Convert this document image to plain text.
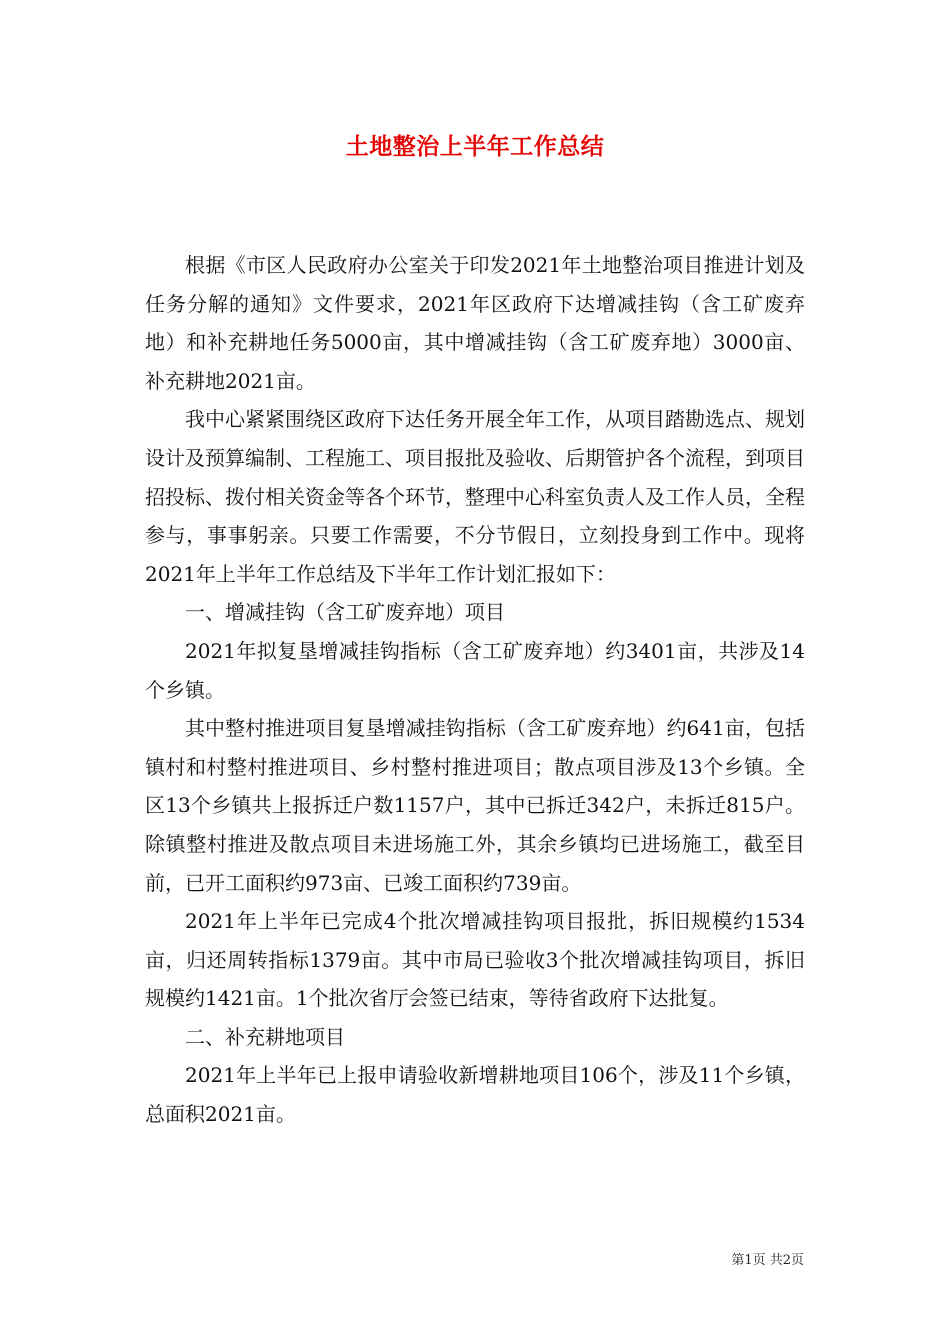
土地整治上半年工作总结

根据《市区人民政府办公室关于印发2021年土地整治项目推进计划及任务分解的通知》文件要求，2021年区政府下达增减挂钩（含工矿废弃地）和补充耕地任务5000亩，其中增减挂钩（含工矿废弃地）3000亩、补充耕地2021亩。

我中心紧紧围绕区政府下达任务开展全年工作，从项目踏勘选点、规划设计及预算编制、工程施工、项目报批及验收、后期管护各个流程，到项目招投标、拨付相关资金等各个环节，整理中心科室负责人及工作人员，全程参与，事事躬亲。只要工作需要，不分节假日，立刻投身到工作中。现将2021年上半年工作总结及下半年工作计划汇报如下：

一、增减挂钩（含工矿废弃地）项目

2021年拟复垦增减挂钩指标（含工矿废弃地）约3401亩，共涉及14个乡镇。

其中整村推进项目复垦增减挂钩指标（含工矿废弃地）约641亩，包括镇村和村整村推进项目、乡村整村推进项目；散点项目涉及13个乡镇。全区13个乡镇共上报拆迁户数1157户，其中已拆迁342户，未拆迁815户。除镇整村推进及散点项目未进场施工外，其余乡镇均已进场施工，截至目前，已开工面积约973亩、已竣工面积约739亩。

2021年上半年已完成4个批次增减挂钩项目报批，拆旧规模约1534亩，归还周转指标1379亩。其中市局已验收3个批次增减挂钩项目，拆旧规模约1421亩。1个批次省厅会签已结束，等待省政府下达批复。

二、补充耕地项目

2021年上半年已上报申请验收新增耕地项目106个，涉及11个乡镇，总面积2021亩。

第1页 共2页
